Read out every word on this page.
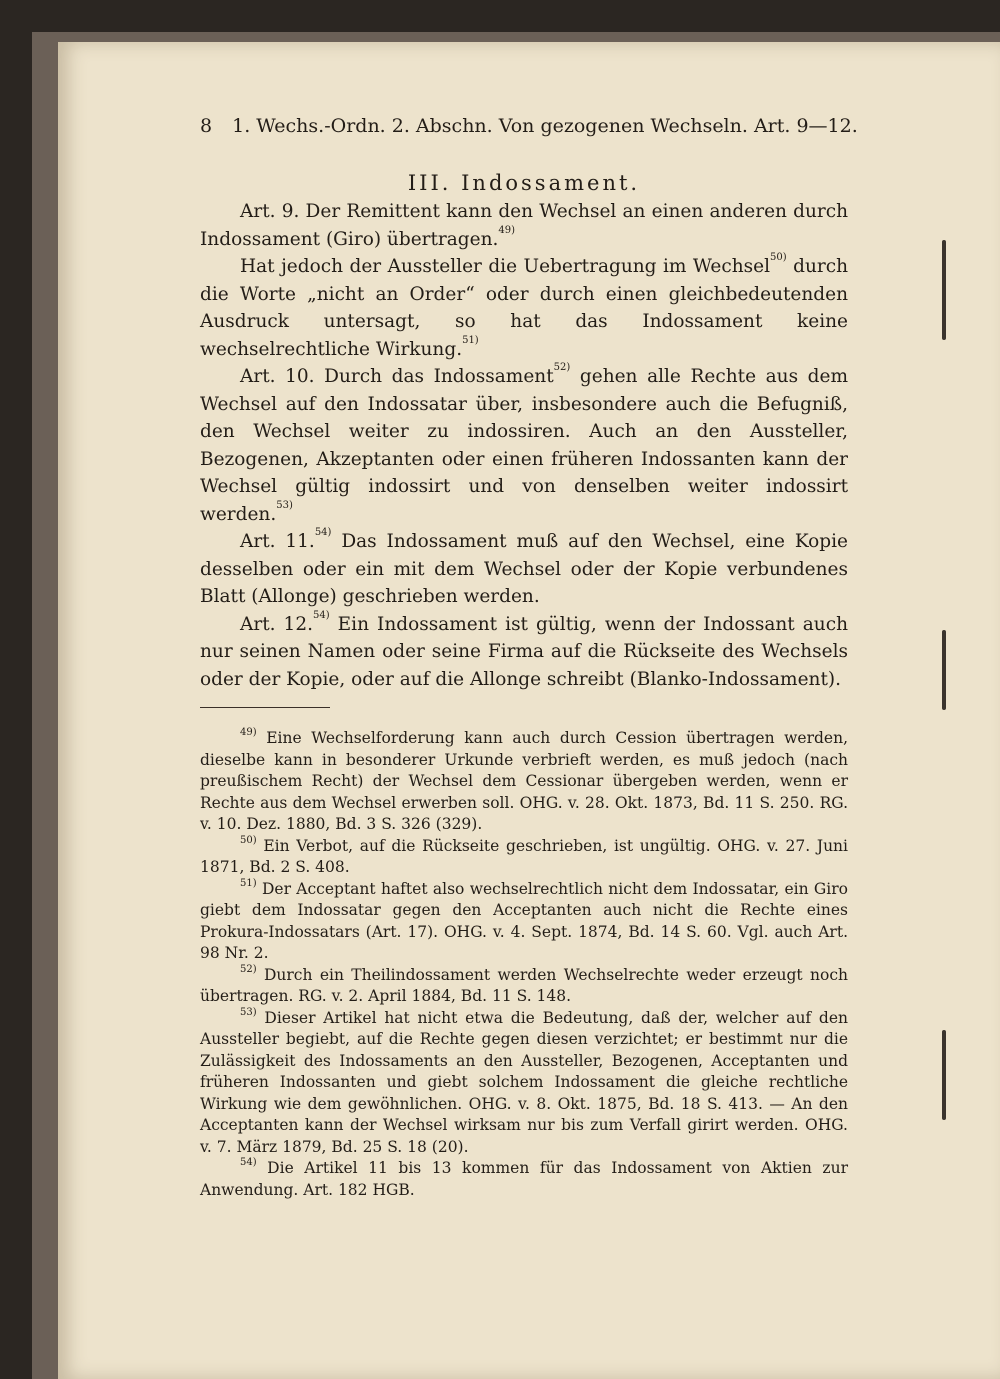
8 1. Wechs.-Ordn. 2. Abschn. Von gezogenen Wechseln. Art. 9—12.
III. Indossament.

Art. 9. Der Remittent kann den Wechsel an einen anderen durch Indossament (Giro) übertragen.$^{49)}$

Hat jedoch der Aussteller die Uebertragung im Wechsel$^{50)}$ durch die Worte „nicht an Order“ oder durch einen gleichbedeutenden Ausdruck untersagt, so hat das Indossament keine wechselrechtliche Wirkung.$^{51)}$

Art. 10. Durch das Indossament$^{52)}$ gehen alle Rechte aus dem Wechsel auf den Indossatar über, insbesondere auch die Befugniß, den Wechsel weiter zu indossiren. Auch an den Aussteller, Bezogenen, Akzeptanten oder einen früheren Indossanten kann der Wechsel gültig indossirt und von denselben weiter indossirt werden.$^{53)}$

Art. 11.$^{54)}$ Das Indossament muß auf den Wechsel, eine Kopie desselben oder ein mit dem Wechsel oder der Kopie verbundenes Blatt (Allonge) geschrieben werden.

Art. 12.$^{54)}$ Ein Indossament ist gültig, wenn der Indossant auch nur seinen Namen oder seine Firma auf die Rückseite des Wechsels oder der Kopie, oder auf die Allonge schreibt (Blanko-Indossament).

$^{49)}$ Eine Wechselforderung kann auch durch Cession übertragen werden, dieselbe kann in besonderer Urkunde verbrieft werden, es muß jedoch (nach preußischem Recht) der Wechsel dem Cessionar übergeben werden, wenn er Rechte aus dem Wechsel erwerben soll. OHG. v. 28. Okt. 1873, Bd. 11 S. 250. RG. v. 10. Dez. 1880, Bd. 3 S. 326 (329).

$^{50)}$ Ein Verbot, auf die Rückseite geschrieben, ist ungültig. OHG. v. 27. Juni 1871, Bd. 2 S. 408.

$^{51)}$ Der Acceptant haftet also wechselrechtlich nicht dem Indossatar, ein Giro giebt dem Indossatar gegen den Acceptanten auch nicht die Rechte eines Prokura-Indossatars (Art. 17). OHG. v. 4. Sept. 1874, Bd. 14 S. 60. Vgl. auch Art. 98 Nr. 2.

$^{52)}$ Durch ein Theilindossament werden Wechselrechte weder erzeugt noch übertragen. RG. v. 2. April 1884, Bd. 11 S. 148.

$^{53)}$ Dieser Artikel hat nicht etwa die Bedeutung, daß der, welcher auf den Aussteller begiebt, auf die Rechte gegen diesen verzichtet; er bestimmt nur die Zulässigkeit des Indossaments an den Aussteller, Bezogenen, Acceptanten und früheren Indossanten und giebt solchem Indossament die gleiche rechtliche Wirkung wie dem gewöhnlichen. OHG. v. 8. Okt. 1875, Bd. 18 S. 413. — An den Acceptanten kann der Wechsel wirksam nur bis zum Verfall girirt werden. OHG. v. 7. März 1879, Bd. 25 S. 18 (20).

$^{54)}$ Die Artikel 11 bis 13 kommen für das Indossament von Aktien zur Anwendung. Art. 182 HGB.
